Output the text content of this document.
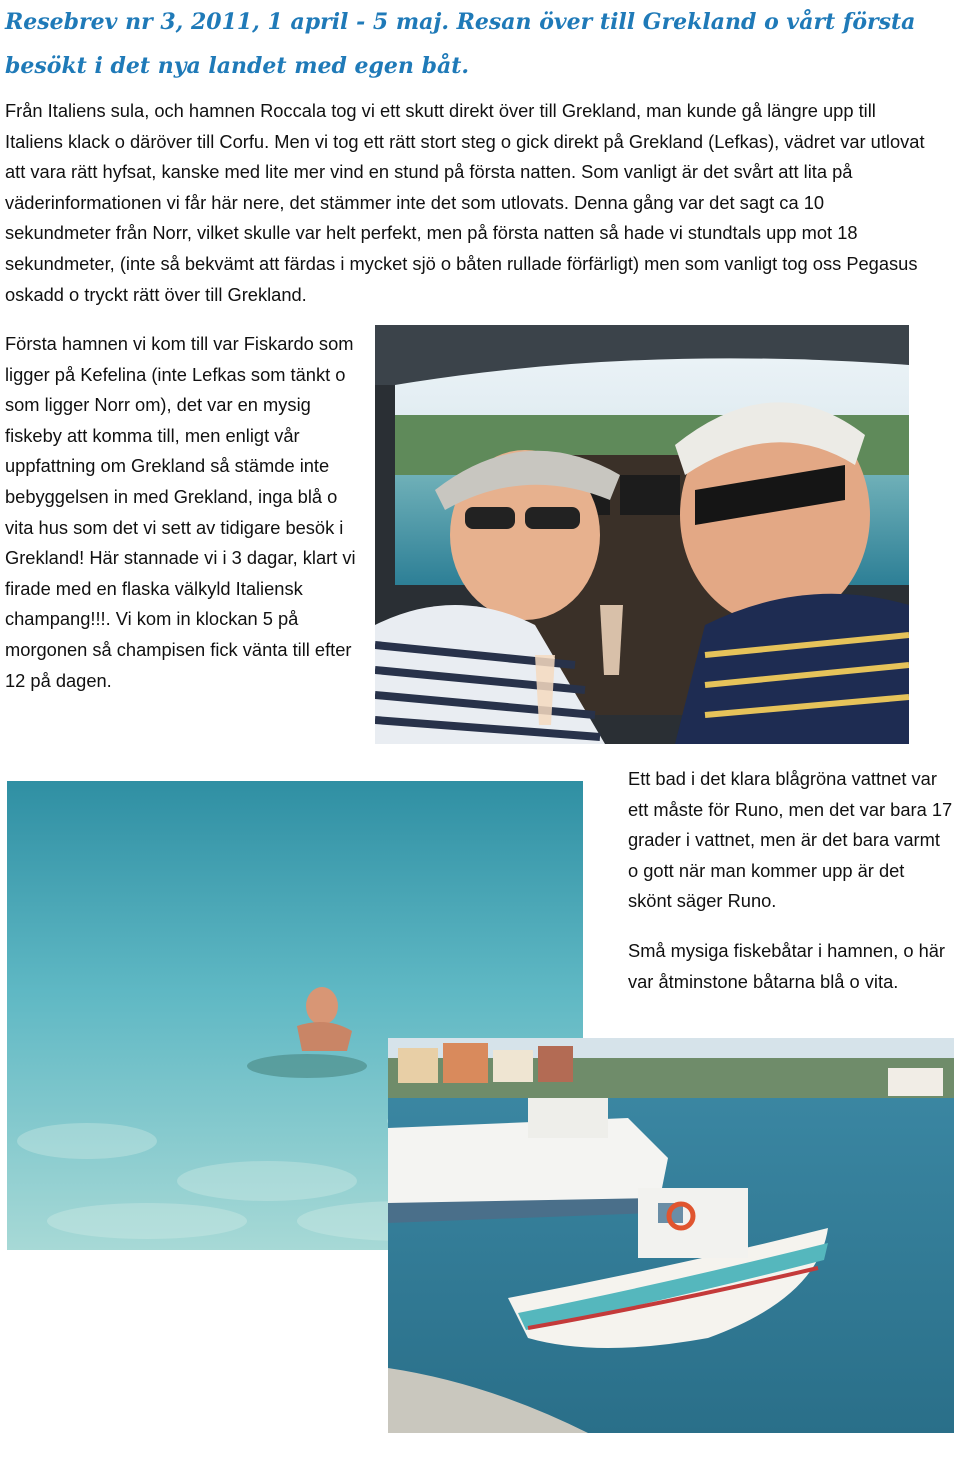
Resebrev nr 3, 2011, 1 april - 5 maj. Resan över till Grekland o vårt första besökt i det nya landet med egen båt.

Från Italiens sula, och hamnen Roccala tog vi ett skutt direkt över till Grekland, man kunde gå längre upp till Italiens klack o däröver till Corfu. Men vi tog ett rätt stort steg o gick direkt på Grekland (Lefkas), vädret var utlovat att vara rätt hyfsat, kanske med lite mer vind en stund på första natten. Som vanligt är det svårt att lita på väderinformationen vi får här nere, det stämmer inte det som utlovats. Denna gång var det sagt ca 10 sekundmeter från Norr, vilket skulle var helt perfekt, men på första natten så hade vi stundtals upp mot 18 sekundmeter, (inte så bekvämt att färdas i mycket sjö o båten rullade förfärligt) men som vanligt tog oss Pegasus oskadd o tryckt rätt över till Grekland.

Första hamnen vi kom till var Fiskardo som ligger på Kefelina (inte Lefkas som tänkt o som ligger Norr om), det var en mysig fiskeby att komma till, men enligt vår uppfattning om Grekland så stämde inte bebyggelsen in med Grekland, inga blå o vita hus som det vi sett av tidigare besök i Grekland! Här stannade vi i 3 dagar, klart vi firade med en flaska välkyld Italiensk champang!!!. Vi kom in klockan 5 på morgonen så champisen fick vänta till efter 12 på dagen.

Ett bad i det klara blågröna vattnet var ett måste för Runo, men det var bara 17 grader i vattnet, men är det bara varmt o gott när man kommer upp är det skönt säger Runo.

Små mysiga fiskebåtar i hamnen, o här var åtminstone båtarna blå o vita.
